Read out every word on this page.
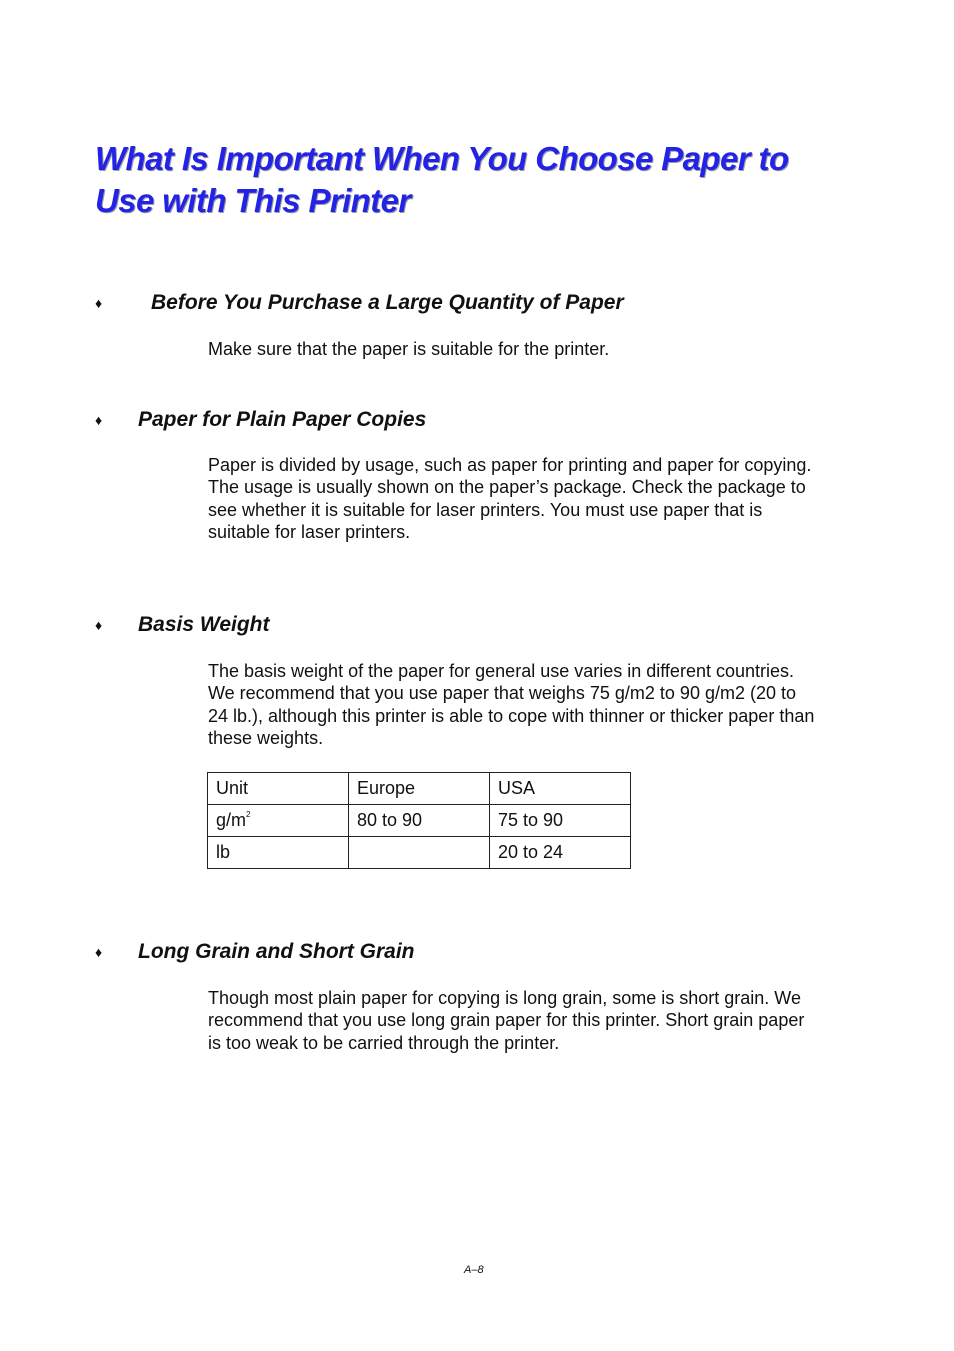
What Is Important When You Choose Paper to
Use with This Printer
♦ Before You Purchase a Large Quantity of Paper

Make sure that the paper is suitable for the printer.

♦ Paper for Plain Paper Copies

Paper is divided by usage, such as paper for printing and paper for copying.
The usage is usually shown on the paper’s package. Check the package to
see whether it is suitable for laser printers. You must use paper that is
suitable for laser printers.

♦ Basis Weight

The basis weight of the paper for general use varies in different countries.
We recommend that you use paper that weighs 75 g/m2 to 90 g/m2 (20 to
24 lb.), although this printer is able to cope with thinner or thicker paper than
these weights.

Unit	Europe	USA
$g/m^2$	80 to 90	75 to 90
lb		20 to 24
♦ Long Grain and Short Grain

Though most plain paper for copying is long grain, some is short grain. We
recommend that you use long grain paper for this printer. Short grain paper
is too weak to be carried through the printer.

A–8
